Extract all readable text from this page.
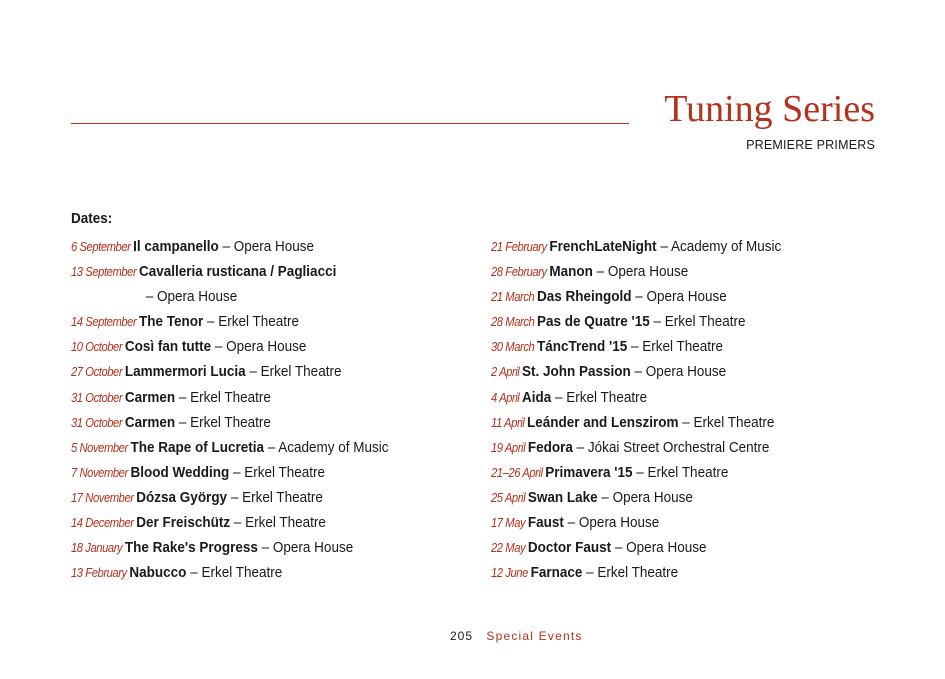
Tuning Series
PREMIERE PRIMERS
Dates:
6 September Il campanello – Opera House
13 September Cavalleria rusticana / Pagliacci
– Opera House
14 September The Tenor – Erkel Theatre
10 October Così fan tutte – Opera House
27 October Lammermori Lucia – Erkel Theatre
31 October Carmen – Erkel Theatre
31 October Carmen – Erkel Theatre
5 November The Rape of Lucretia – Academy of Music
7 November Blood Wedding – Erkel Theatre
17 November Dózsa György – Erkel Theatre
14 December Der Freischütz – Erkel Theatre
18 January The Rake's Progress – Opera House
13 February Nabucco – Erkel Theatre
21 February FrenchLateNight – Academy of Music
28 February Manon – Opera House
21 March Das Rheingold – Opera House
28 March Pas de Quatre '15 – Erkel Theatre
30 March TáncTrend '15 – Erkel Theatre
2 April St. John Passion – Opera House
4 April Aida – Erkel Theatre
11 April Leánder and Lenszirom – Erkel Theatre
19 April Fedora – Jókai Street Orchestral Centre
21–26 April Primavera '15 – Erkel Theatre
25 April Swan Lake – Opera House
17 May Faust – Opera House
22 May Doctor Faust – Opera House
12 June Farnace – Erkel Theatre
205 Special Events
